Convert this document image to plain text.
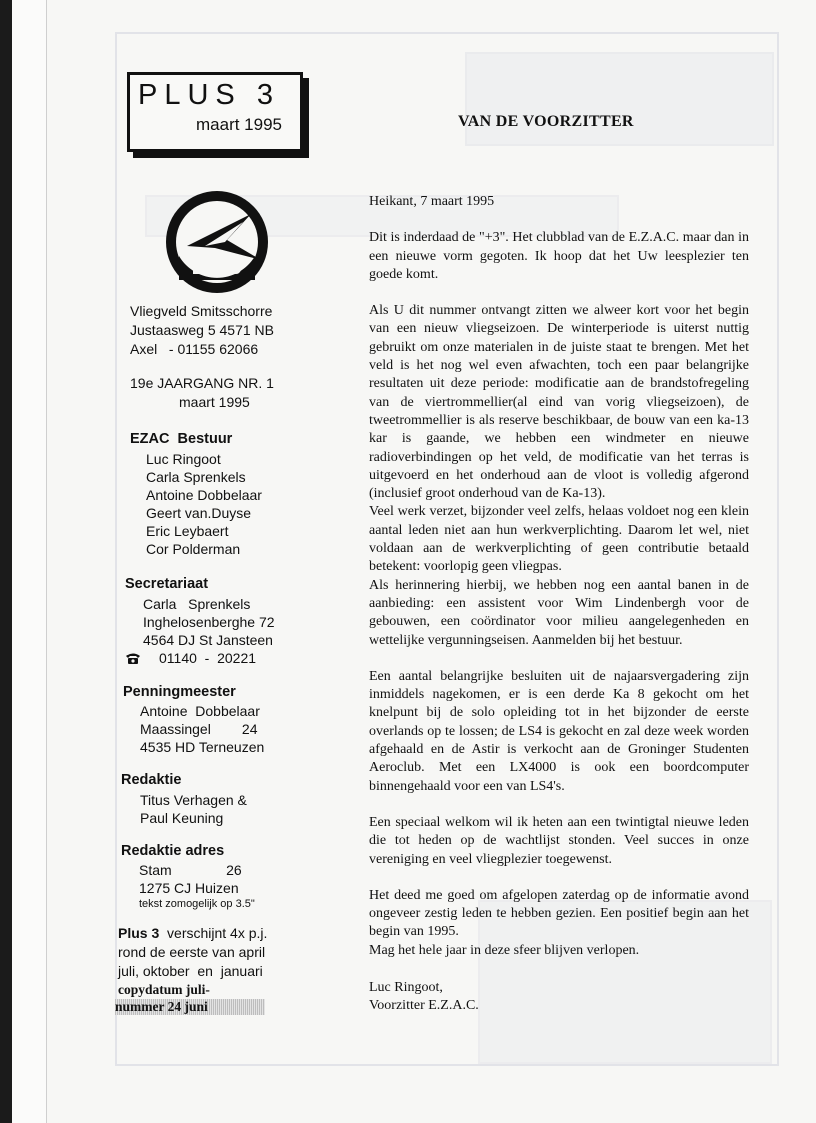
PLUS 3
maart 1995
EZAC
Vliegveld Smitsschorre
Justaasweg 5 4571 NB
Axel   - 01155 62066
19e JAARGANG NR. 1
maart 1995
EZAC  Bestuur
Luc Ringoot
Carla Sprenkels
Antoine Dobbelaar
Geert van.Duyse
Eric Leybaert
Cor Polderman
Secretariaat
Carla   Sprenkels
Inghelosenberghe 72
4564 DJ St Jansteen
01140  -  20221
Penningmeester
Antoine  Dobbelaar
Maassingel        24
4535 HD Terneuzen
Redaktie
Titus Verhagen &
Paul Keuning
Redaktie adres
Stam              26
1275 CJ Huizen
tekst zomogelijk op 3.5"
Plus 3  verschijnt 4x p.j.
rond de eerste van april
juli, oktober  en  januari
copydatum juli-
nummer 24 juni
VAN DE VOORZITTER

Heikant, 7 maart 1995

Dit is inderdaad de "+3". Het clubblad van de E.Z.A.C. maar dan in een nieuwe vorm gegoten. Ik hoop dat het Uw leesplezier ten goede komt.

Als U dit nummer ontvangt zitten we alweer kort voor het begin van een nieuw vliegseizoen. De winterperiode is uiterst nuttig gebruikt om onze materialen in de juiste staat te brengen. Met het veld is het nog wel even afwachten, toch een paar belangrijke resultaten uit deze periode: modificatie aan de brandstofregeling van de viertrommellier(al eind van vorig vliegseizoen), de tweetrommellier is als reserve beschikbaar, de bouw van een ka-13 kar is gaande, we hebben een windmeter en nieuwe radioverbindingen op het veld, de modificatie van het terras is uitgevoerd en het onderhoud aan de vloot is volledig afgerond (inclusief groot onderhoud van de Ka-13).

Veel werk verzet, bijzonder veel zelfs, helaas voldoet nog een klein aantal leden niet aan hun werkverplichting. Daarom let wel, niet voldaan aan de werkverplichting of geen contributie betaald betekent: voorlopig geen vliegpas.

Als herinnering hierbij, we hebben nog een aantal banen in de aanbieding: een assistent voor Wim Lindenbergh voor de gebouwen, een coördinator voor milieu aangelegenheden en wettelijke vergunningseisen. Aanmelden bij het bestuur.

Een aantal belangrijke besluiten uit de najaarsvergadering zijn inmiddels nagekomen, er is een derde Ka 8 gekocht om het knelpunt bij de solo opleiding tot in het bijzonder de eerste overlands op te lossen; de LS4 is gekocht en zal deze week worden afgehaald en de Astir is verkocht aan de Groninger Studenten Aeroclub. Met een LX4000 is ook een boordcomputer binnengehaald voor een van LS4's.

Een speciaal welkom wil ik heten aan een twintigtal nieuwe leden die tot heden op de wachtlijst stonden. Veel succes in onze vereniging en veel vliegplezier toegewenst.

Het deed me goed om afgelopen zaterdag op de informatie avond ongeveer zestig leden te hebben gezien. Een positief begin aan het begin van 1995.

Mag het hele jaar in deze sfeer blijven verlopen.

Luc Ringoot,

Voorzitter E.Z.A.C.
